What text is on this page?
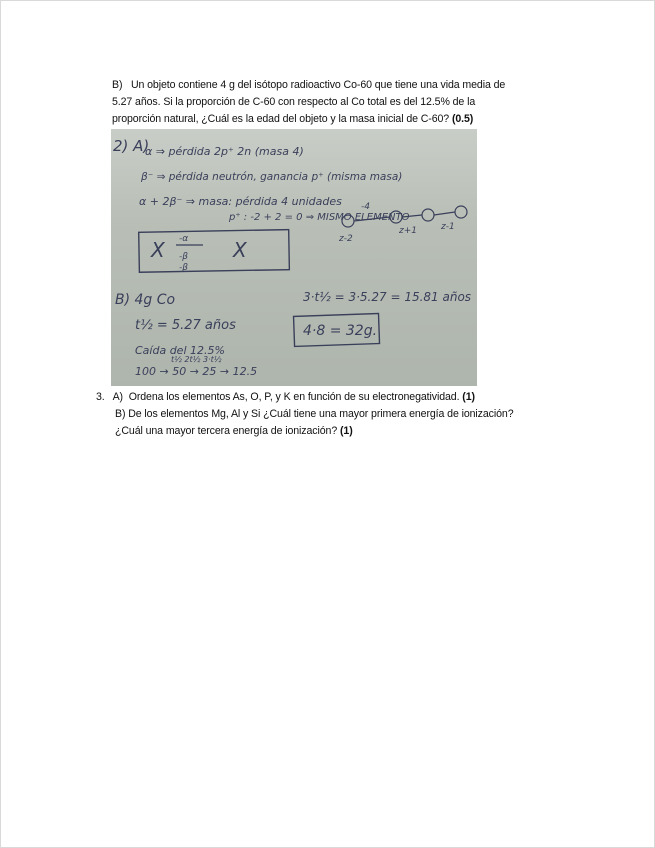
B) Un objeto contiene 4 g del isótopo radioactivo Co-60 que tiene una vida media de
5.27 años. Si la proporción de C-60 con respecto al Co total es del 12.5% de la
proporción natural, ¿Cuál es la edad del objeto y la masa inicial de C-60? (0.5)
2) A)
α ⇒ pérdida 2p⁺ 2n (masa 4)
β⁻ ⇒ pérdida neutrón, ganancia p⁺ (misma masa)
α + 2β⁻ ⇒ masa: pérdida 4 unidades
p⁺ : -2 + 2 = 0 ⇒ MISMO ELEMENTO
X -α
-β
-β
X
-4
z-2
z+1	z-1
B) 4g Co
t½ = 5.27 años
3·t½ = 3·5.27 = 15.81 años
4·8 = 32g.
Caída del 12.5%
t½ 2t½ 3·t½
100 → 50 → 25 → 12.5
3. A) Ordena los elementos As, O, P, y K en función de su electronegatividad. (1)
B) De los elementos Mg, Al y Si ¿Cuál tiene una mayor primera energía de ionización?
¿Cuál una mayor tercera energía de ionización? (1)
